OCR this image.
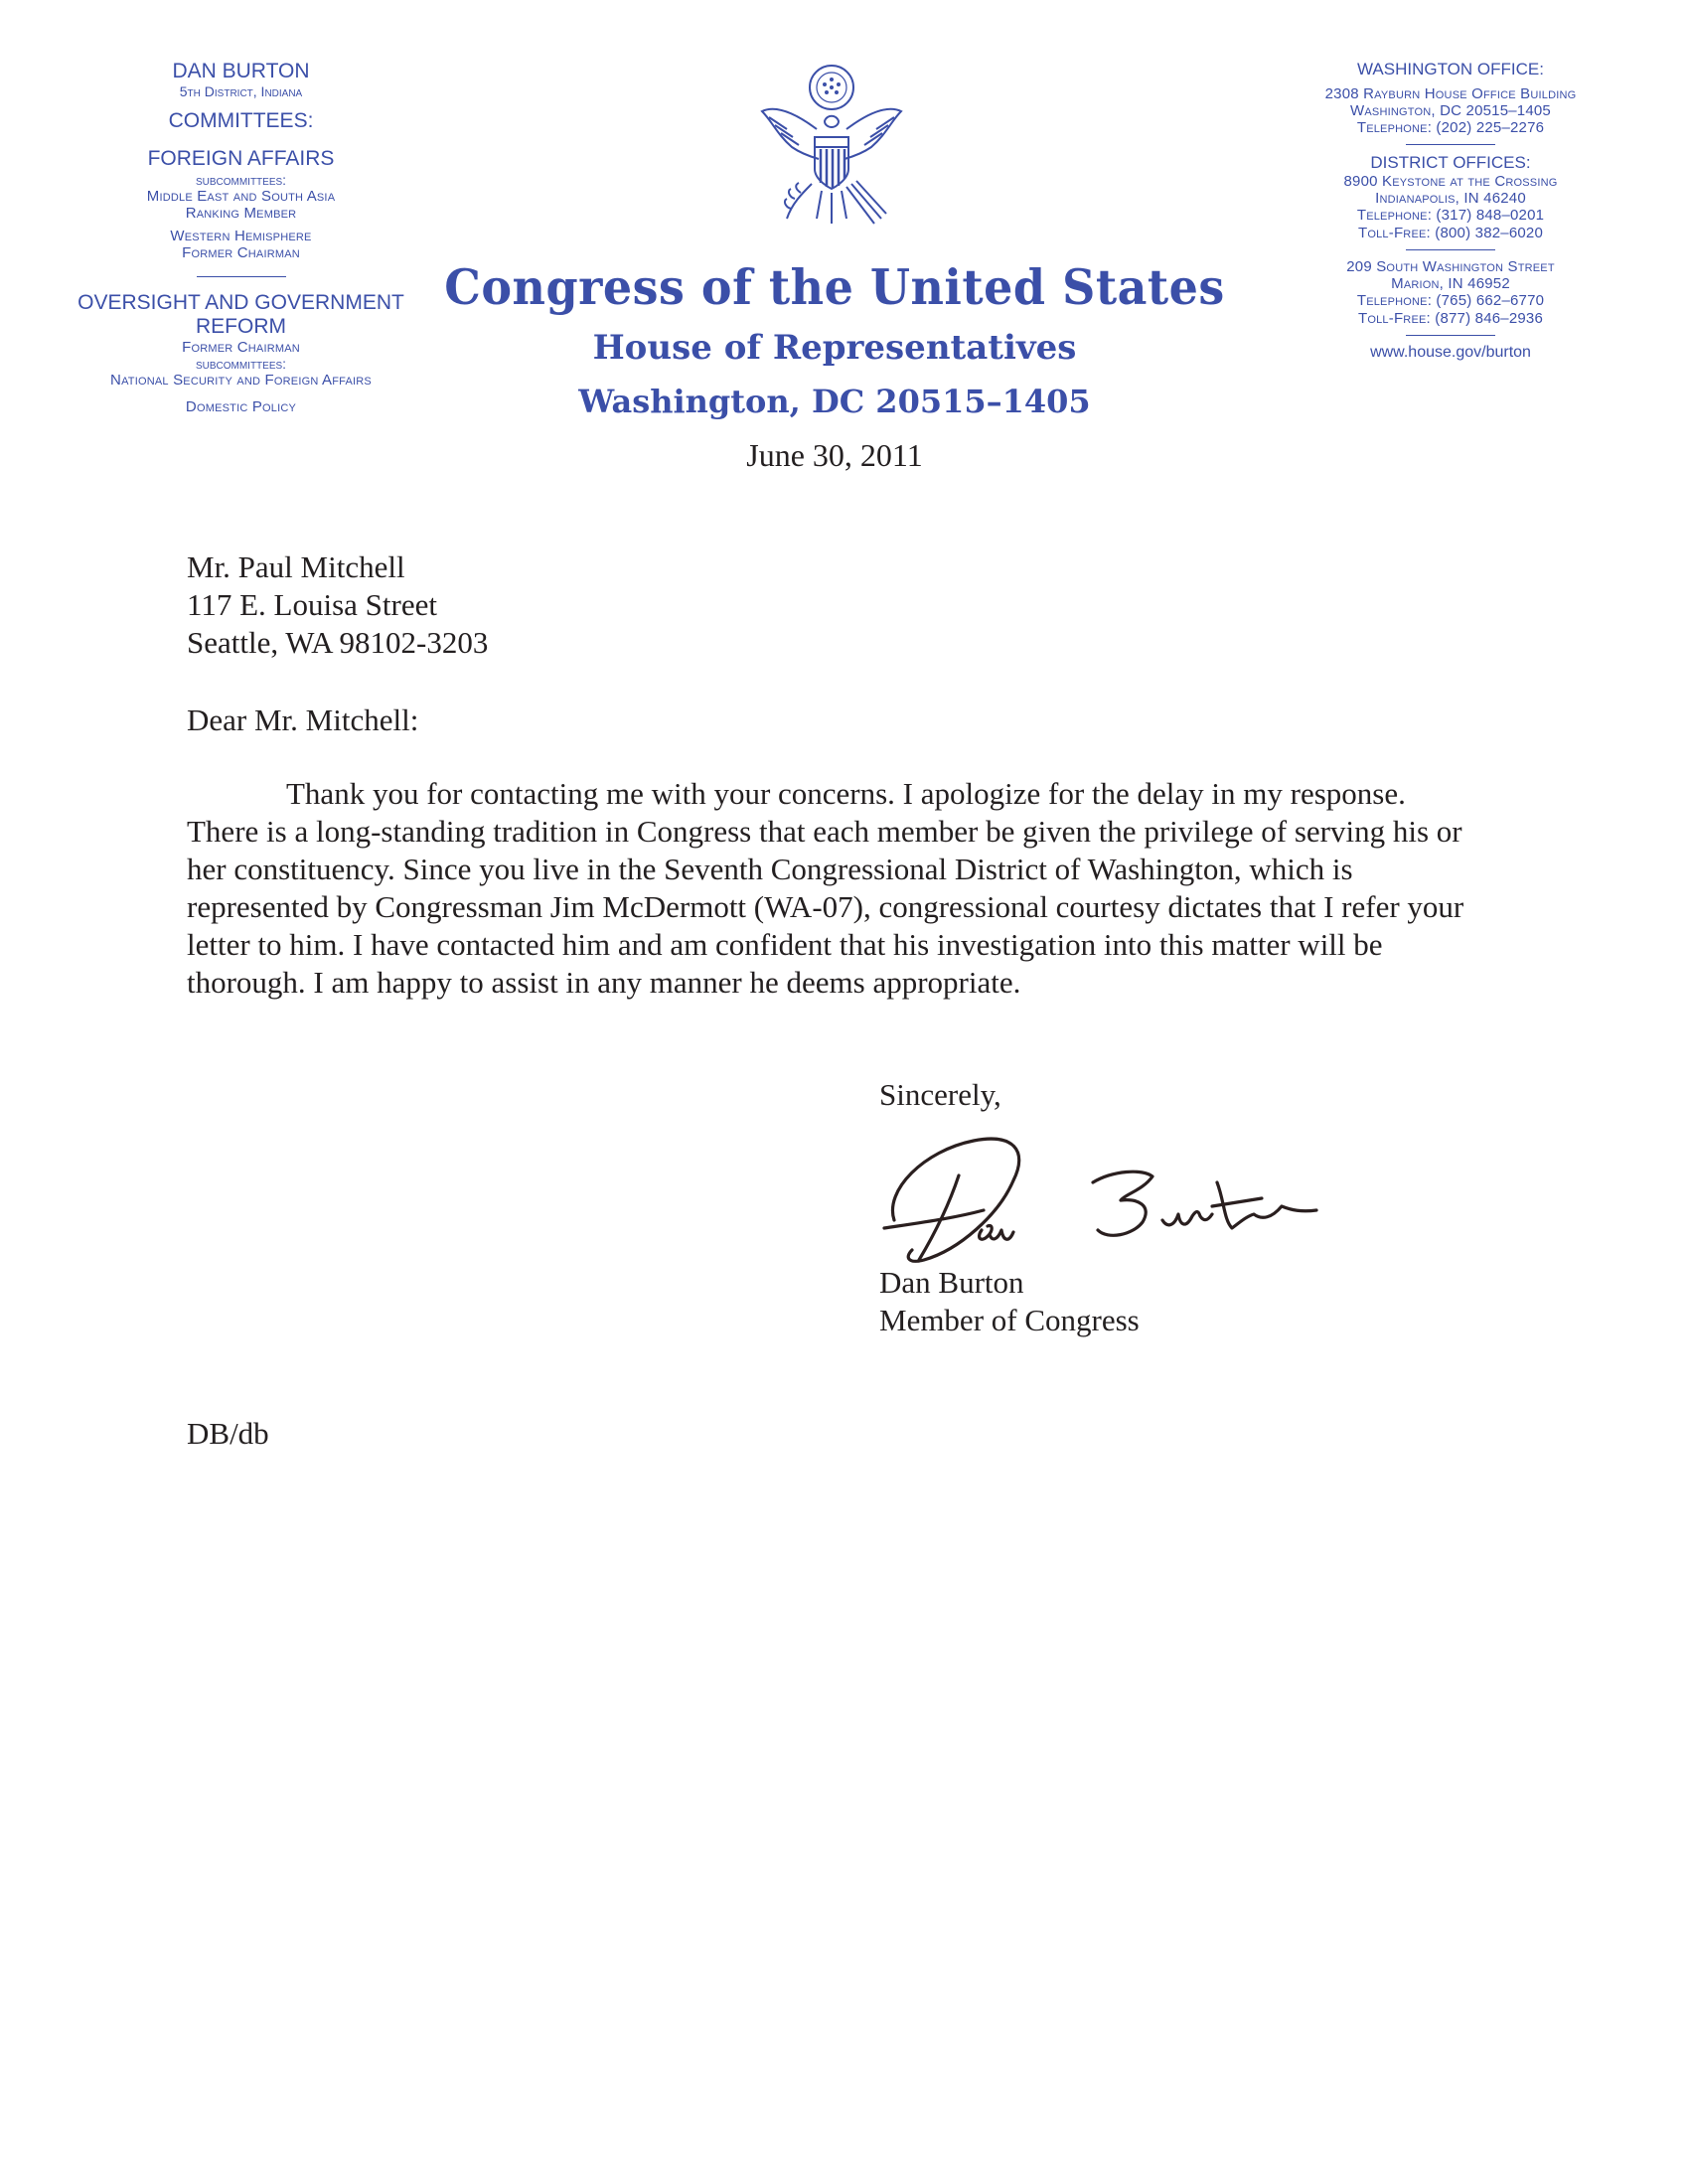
DAN BURTON
5th District, Indiana
COMMITTEES:
FOREIGN AFFAIRS
subcommittees:
Middle East and South Asia
Ranking Member
Western Hemisphere
Former Chairman
OVERSIGHT AND GOVERNMENT
REFORM
Former Chairman
subcommittees:
National Security and Foreign Affairs
Domestic Policy
Congress of the United States
House of Representatives
Washington, DC 20515–1405
June 30, 2011
WASHINGTON OFFICE:
2308 Rayburn House Office Building
Washington, DC 20515–1405
Telephone: (202) 225–2276
DISTRICT OFFICES:
8900 Keystone at the Crossing
Indianapolis, IN 46240
Telephone: (317) 848–0201
Toll-Free: (800) 382–6020
209 South Washington Street
Marion, IN 46952
Telephone: (765) 662–6770
Toll-Free: (877) 846–2936
www.house.gov/burton
Mr. Paul Mitchell
117 E. Louisa Street
Seattle, WA 98102-3203
Dear Mr. Mitchell:

Thank you for contacting me with your concerns. I apologize for the delay in my response.

There is a long-standing tradition in Congress that each member be given the privilege of serving his or

her constituency. Since you live in the Seventh Congressional District of Washington, which is

represented by Congressman Jim McDermott (WA-07), congressional courtesy dictates that I refer your

letter to him. I have contacted him and am confident that his investigation into this matter will be

thorough. I am happy to assist in any manner he deems appropriate.

Sincerely,
Dan Burton
Member of Congress
DB/db
